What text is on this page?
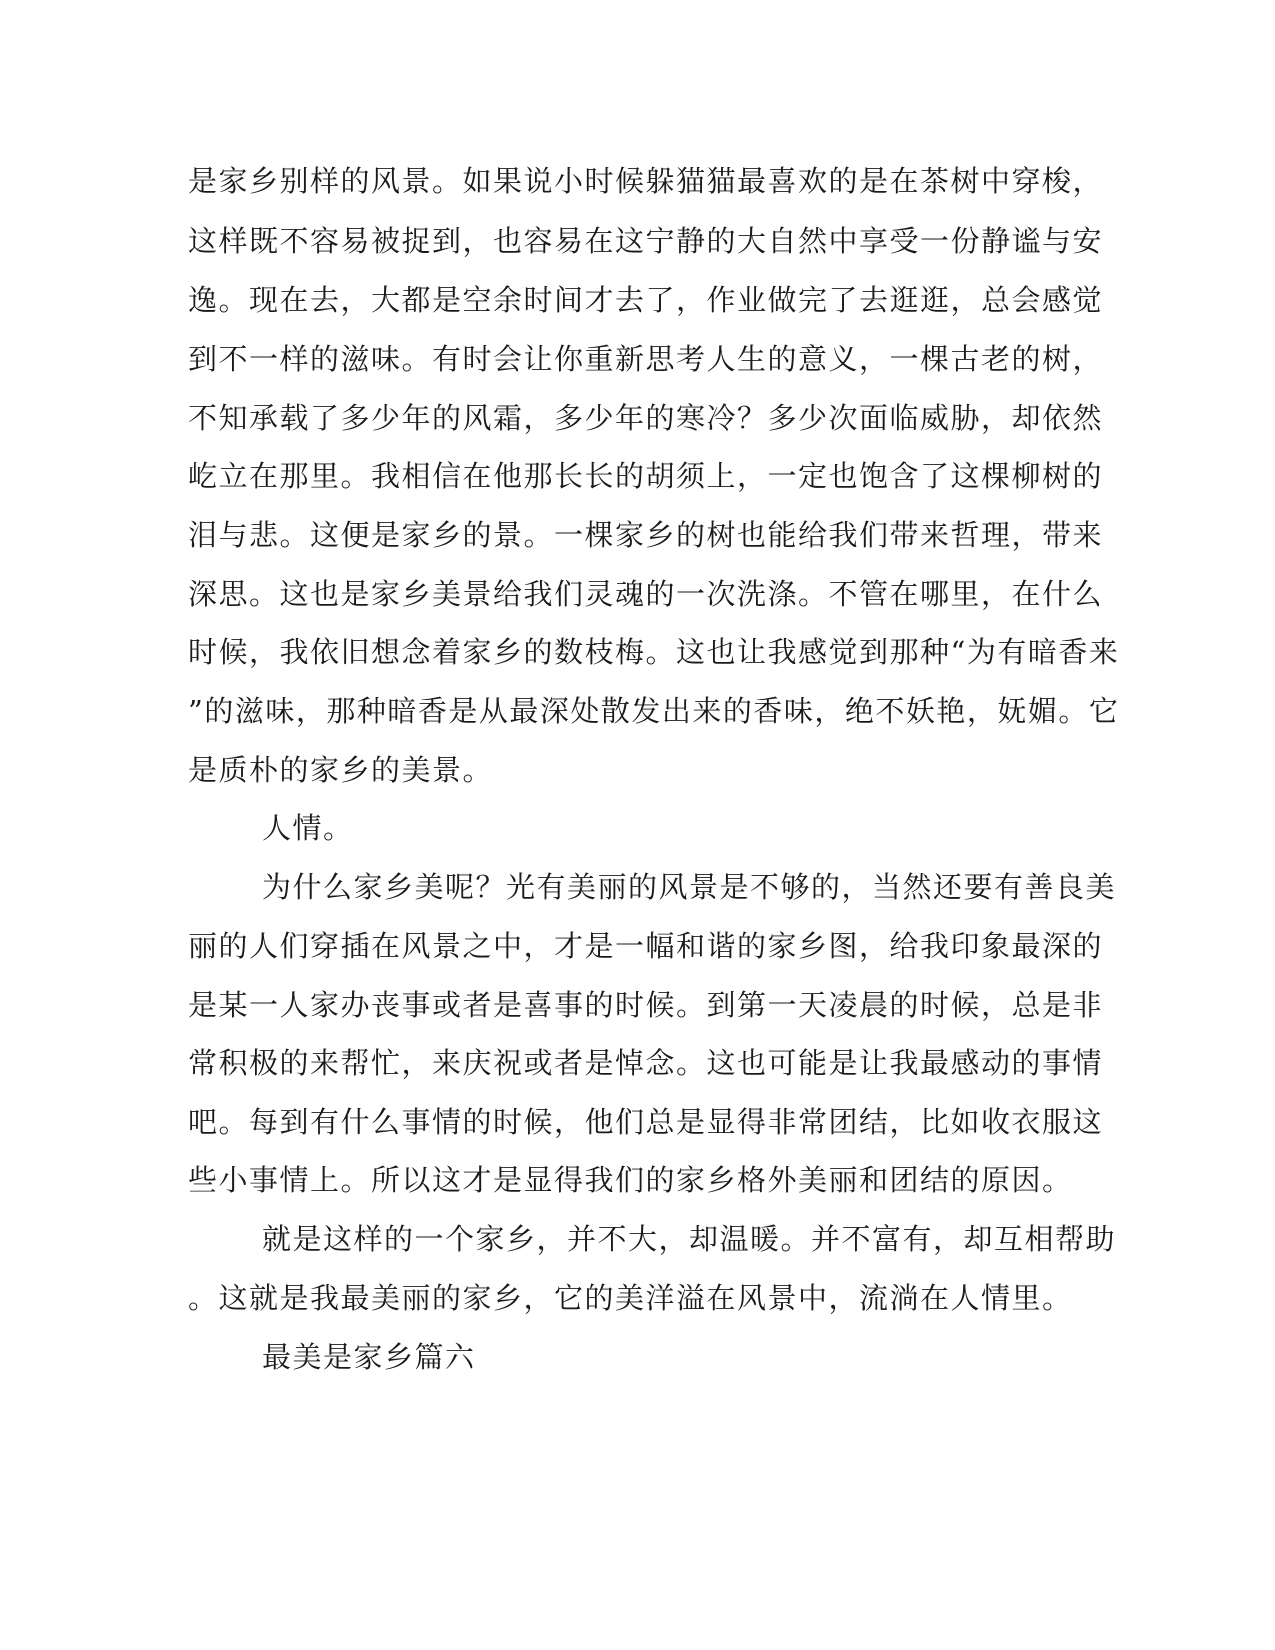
是家乡别样的风景。如果说小时候躲猫猫最喜欢的是在茶树中穿梭，
这样既不容易被捉到，也容易在这宁静的大自然中享受一份静谧与安
逸。现在去，大都是空余时间才去了，作业做完了去逛逛，总会感觉
到不一样的滋味。有时会让你重新思考人生的意义，一棵古老的树，
不知承载了多少年的风霜，多少年的寒冷？多少次面临威胁，却依然
屹立在那里。我相信在他那长长的胡须上，一定也饱含了这棵柳树的
泪与悲。这便是家乡的景。一棵家乡的树也能给我们带来哲理，带来
深思。这也是家乡美景给我们灵魂的一次洗涤。不管在哪里，在什么
时候，我依旧想念着家乡的数枝梅。这也让我感觉到那种“为有暗香来
”的滋味，那种暗香是从最深处散发出来的香味，绝不妖艳，妩媚。它
是质朴的家乡的美景。
人情。
为什么家乡美呢？光有美丽的风景是不够的，当然还要有善良美
丽的人们穿插在风景之中，才是一幅和谐的家乡图，给我印象最深的
是某一人家办丧事或者是喜事的时候。到第一天凌晨的时候，总是非
常积极的来帮忙，来庆祝或者是悼念。这也可能是让我最感动的事情
吧。每到有什么事情的时候，他们总是显得非常团结，比如收衣服这
些小事情上。所以这才是显得我们的家乡格外美丽和团结的原因。
就是这样的一个家乡，并不大，却温暖。并不富有，却互相帮助
。这就是我最美丽的家乡，它的美洋溢在风景中，流淌在人情里。
最美是家乡篇六
